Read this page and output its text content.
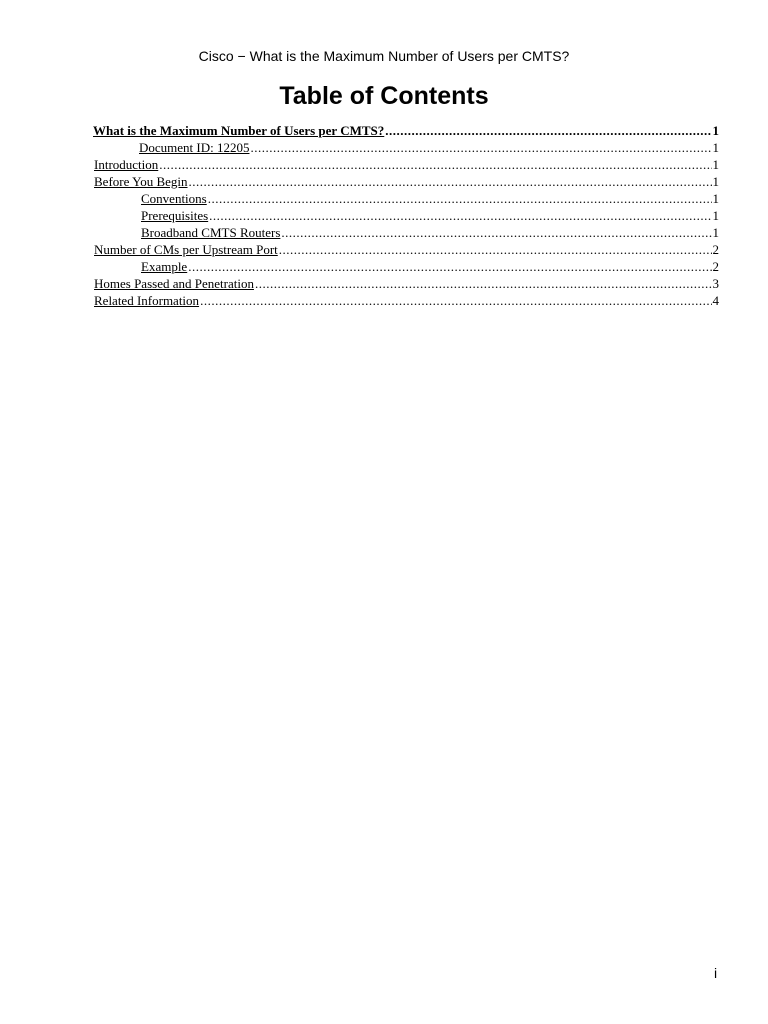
Cisco − What is the Maximum Number of Users per CMTS?
Table of Contents
What is the Maximum Number of Users per CMTS? .....	1
Document ID: 12205 .....	1
Introduction .....	1
Before You Begin .....	1
Conventions .....	1
Prerequisites .....	1
Broadband CMTS Routers .....	1
Number of CMs per Upstream Port .....	2
Example .....	2
Homes Passed and Penetration .....	3
Related Information .....	4
i
